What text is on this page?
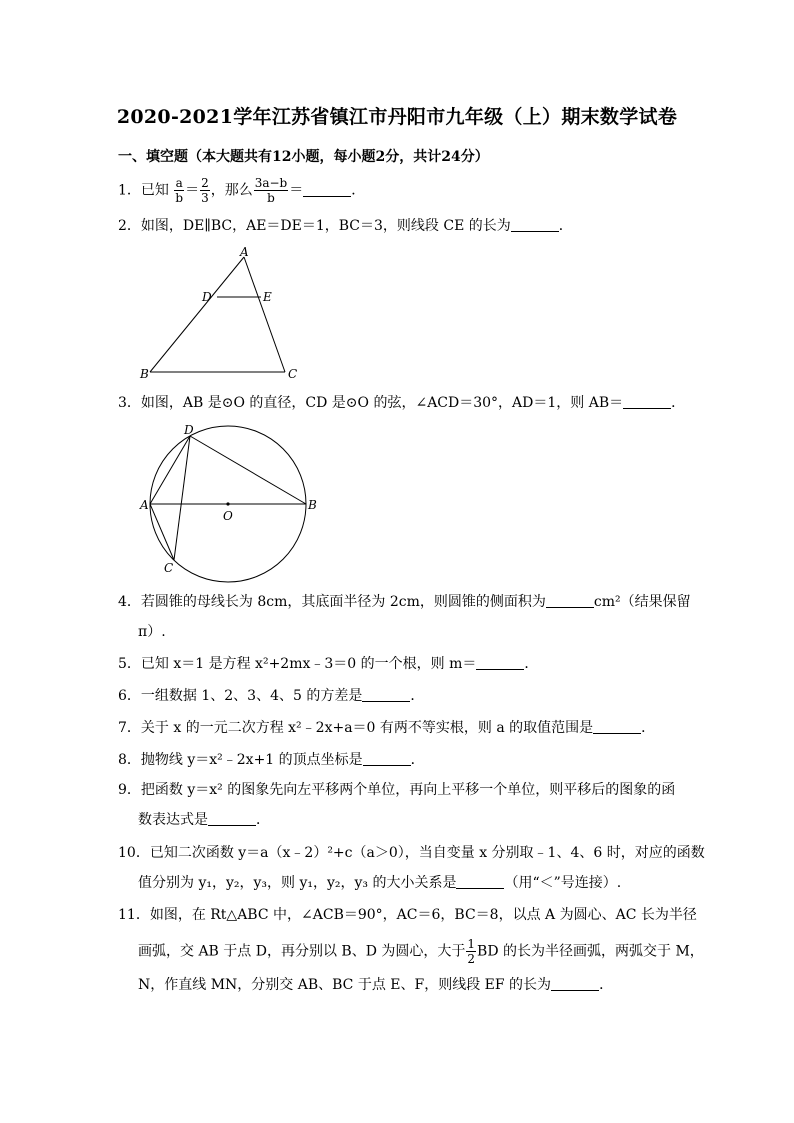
2020-2021学年江苏省镇江市丹阳市九年级（上）期末数学试卷
一、填空题（本大题共有12小题，每小题2分，共计24分）
1．已知 $\frac{a}{b} = \frac{2}{3}$ ，那么 $\frac{3a-b}{b}$ ＝	．
2．如图，DE∥BC，AE＝DE＝1，BC＝3，则线段 CE 的长为	．
A
D	E
B	C
3．如图，AB 是⊙O 的直径，CD 是⊙O 的弦，∠ACD＝30°，AD＝1，则 AB＝	．
D
A
O
B
C
4．若圆锥的母线长为 8cm，其底面半径为 2cm，则圆锥的侧面积为	cm²（结果保留
π）.
5．已知 x＝1 是方程 x²+2mx﹣3＝0 的一个根，则 m＝	．
6．一组数据 1、2、3、4、5 的方差是	．
7．关于 x 的一元二次方程 x²﹣2x+a＝0 有两不等实根，则 a 的取值范围是	．
8．抛物线 y＝x²﹣2x+1 的顶点坐标是	．
9．把函数 y＝x² 的图象先向左平移两个单位，再向上平移一个单位，则平移后的图象的函
数表达式是	．
10．已知二次函数 y＝a（x﹣2）²+c（a＞0），当自变量 x 分别取﹣1、4、6 时，对应的函数
值分别为 y₁，y₂，y₃，则 y₁，y₂，y₃ 的大小关系是	（用“＜”号连接）.
11．如图，在 Rt△ABC 中，∠ACB＝90°，AC＝6，BC＝8，以点 A 为圆心、AC 长为半径
画弧，交 AB 于点 D，再分别以 B、D 为圆心，大于 $\frac{1}{2}$ BD 的长为半径画弧，两弧交于 M，
N，作直线 MN，分别交 AB、BC 于点 E、F，则线段 EF 的长为	．
